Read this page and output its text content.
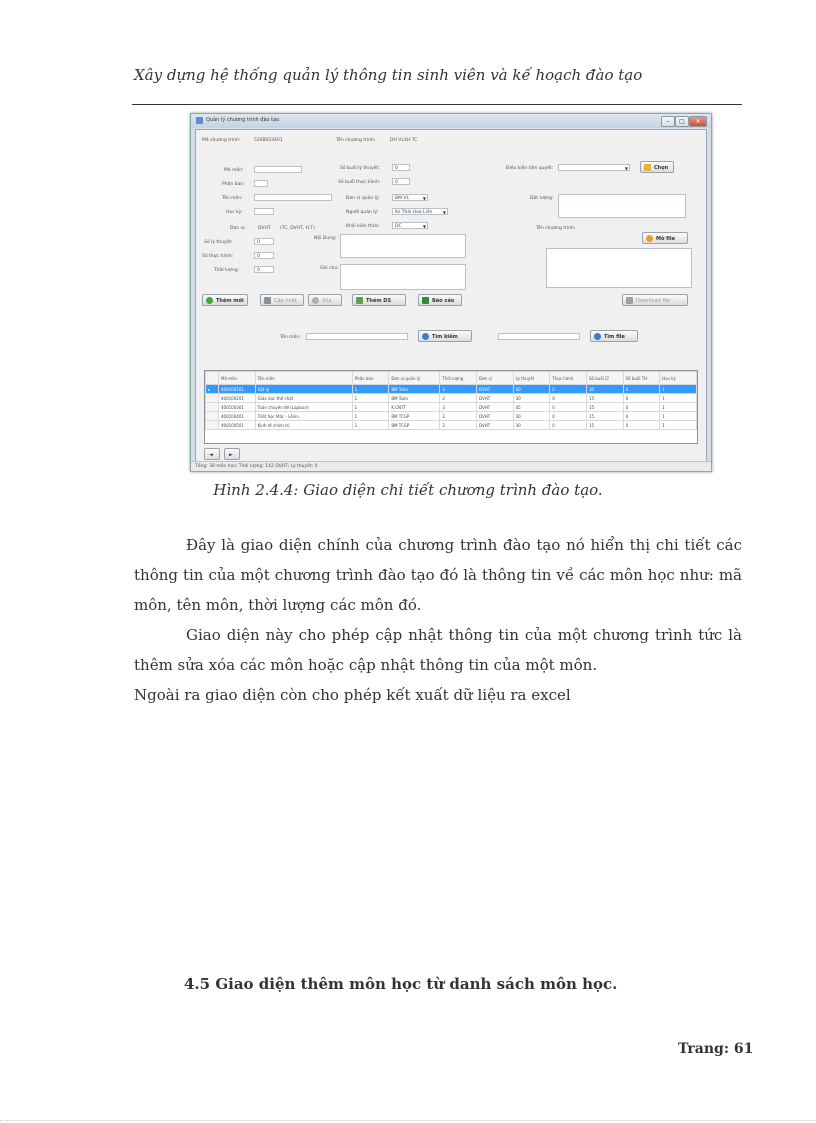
Xây dựng hệ thống quản lý thông tin sinh viên và kế hoạch đào tạo
Quản lý chương trình đào tạo	–	□	✕
Mã chương trình:	5268023401	Tên chương trình:	DH VLXH TC
Mã môn:
Phân ban:
Tên môn:
Học kỳ:
Đơn vị:	DVHT (TC, DVHT, H.T)
Số lý thuyết:	0
Số thực hành:	0
Thời lượng:	0
Số buổi lý thuyết:	0
Số buổi thực hành:	0
Đơn vị quản lý:	BM VL	▼
Người quản lý:	Ks Thái Hoa Liên	▼
Khối kiến thức:	DC	▼
Nội Dung:
Ghi chú:
Điều kiện tiên quyết:	▼	Chọn
Đặt lượng:
Tên chương trình:
Mở file
Thêm mới	Cập nhật	Xóa	Thêm DS	Báo cáo	Download file
Tên môn:	Tìm kiếm	Tìm file
	Mã môn	Tên môn	Phần ban	Đơn vị quản lý	Thời lượng	Đơn vị	Lý thuyết	Thực hành	Số buổi LT	Số buổi TH	Học kỳ
▸	400100101	Vật lý	1	BM Toán	4	DVHT	60	0	30	0	1
	400100201	Giáo dục thể chất	1	BM Toán	2	DVHT	30	0	15	0	1
	400100301	Toán chuyên đề (Laplace)	1	K.CNTT	3	DVHT	45	0	15	0	1
	400100401	Triết học Mác - Lênin	1	BM TCGP	2	DVHT	30	0	15	0	1
	400100501	Kinh tế chính trị	1	BM TCGP	2	DVHT	30	0	15	0	1
◄	►
Tổng: 38 môn học; Thời lượng: 142 DVHT; Lý thuyết: 0
Hình 2.4.4: Giao diện chi tiết chương trình đào tạo.
Đây là giao diện chính của chương trình đào tạo nó hiển thị chi tiết các thông tin của một chương trình đào tạo đó là thông tin về các môn học như: mã môn, tên môn, thời lượng các môn đó.
Giao diện này cho phép cập nhật thông tin của một chương trình tức là thêm sửa xóa các môn hoặc cập nhật thông tin của một môn.
Ngoài ra giao diện còn cho phép kết xuất dữ liệu ra excel
4.5 Giao diện thêm môn học từ danh sách môn học.
Trang: 61
